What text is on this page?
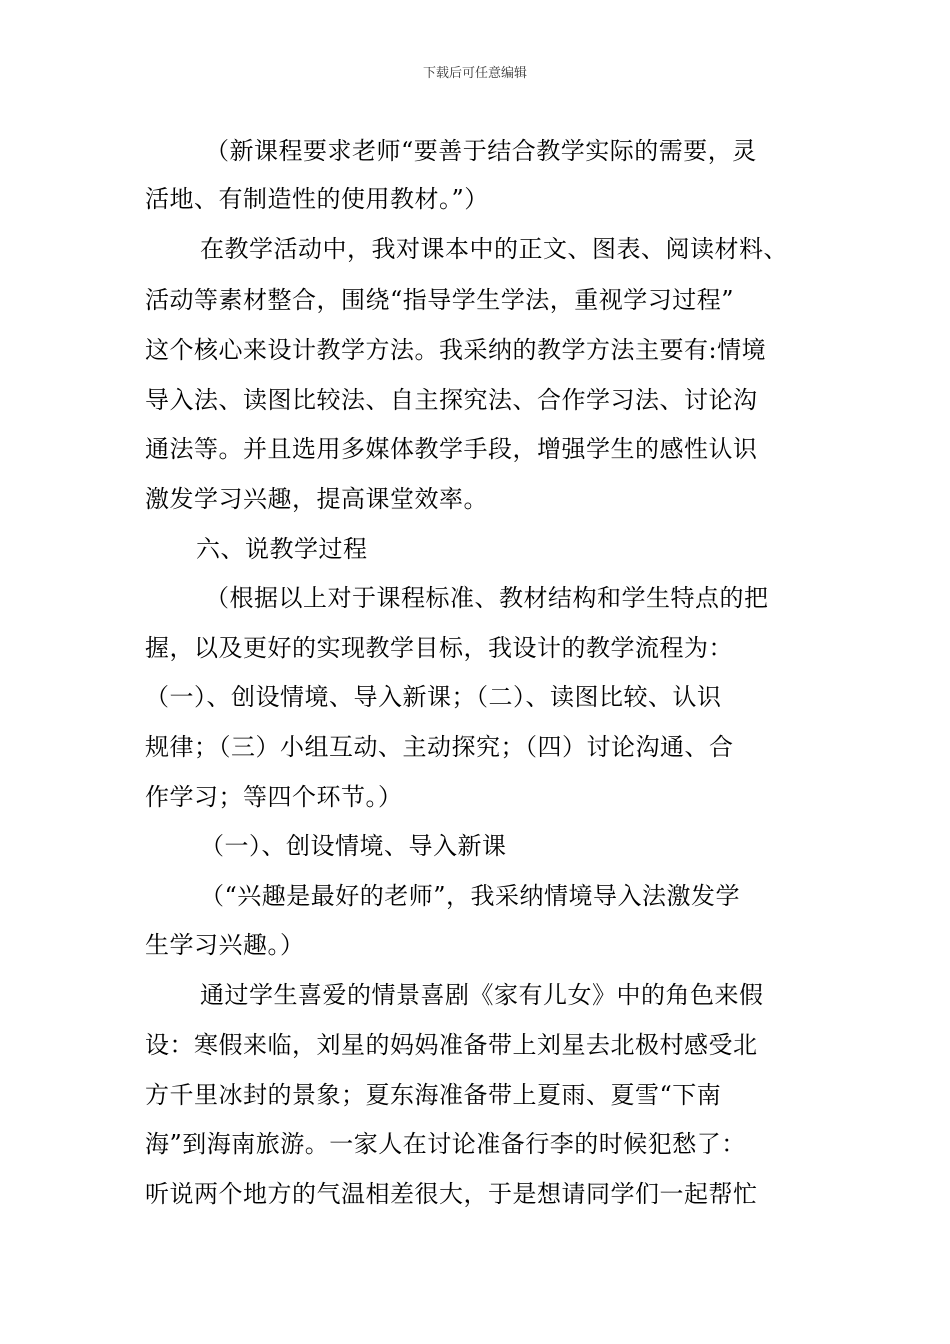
下载后可任意编辑
（新课程要求老师“要善于结合教学实际的需要，灵
活地、有制造性的使用教材。”）
在教学活动中，我对课本中的正文、图表、阅读材料、
活动等素材整合，围绕“指导学生学法，重视学习过程”
这个核心来设计教学方法。我采纳的教学方法主要有:情境
导入法、读图比较法、自主探究法、合作学习法、讨论沟
通法等。并且选用多媒体教学手段，增强学生的感性认识
激发学习兴趣，提高课堂效率。
六、说教学过程
（根据以上对于课程标准、教材结构和学生特点的把
握，以及更好的实现教学目标，我设计的教学流程为：
（一）、创设情境、导入新课；（二）、读图比较、认识
规律；（三）小组互动、主动探究；（四）讨论沟通、合
作学习；等四个环节。）
（一）、创设情境、导入新课
（“兴趣是最好的老师”，我采纳情境导入法激发学
生学习兴趣。）
通过学生喜爱的情景喜剧《家有儿女》中的角色来假
设：寒假来临，刘星的妈妈准备带上刘星去北极村感受北
方千里冰封的景象；夏东海准备带上夏雨、夏雪“下南
海”到海南旅游。一家人在讨论准备行李的时候犯愁了：
听说两个地方的气温相差很大，于是想请同学们一起帮忙
